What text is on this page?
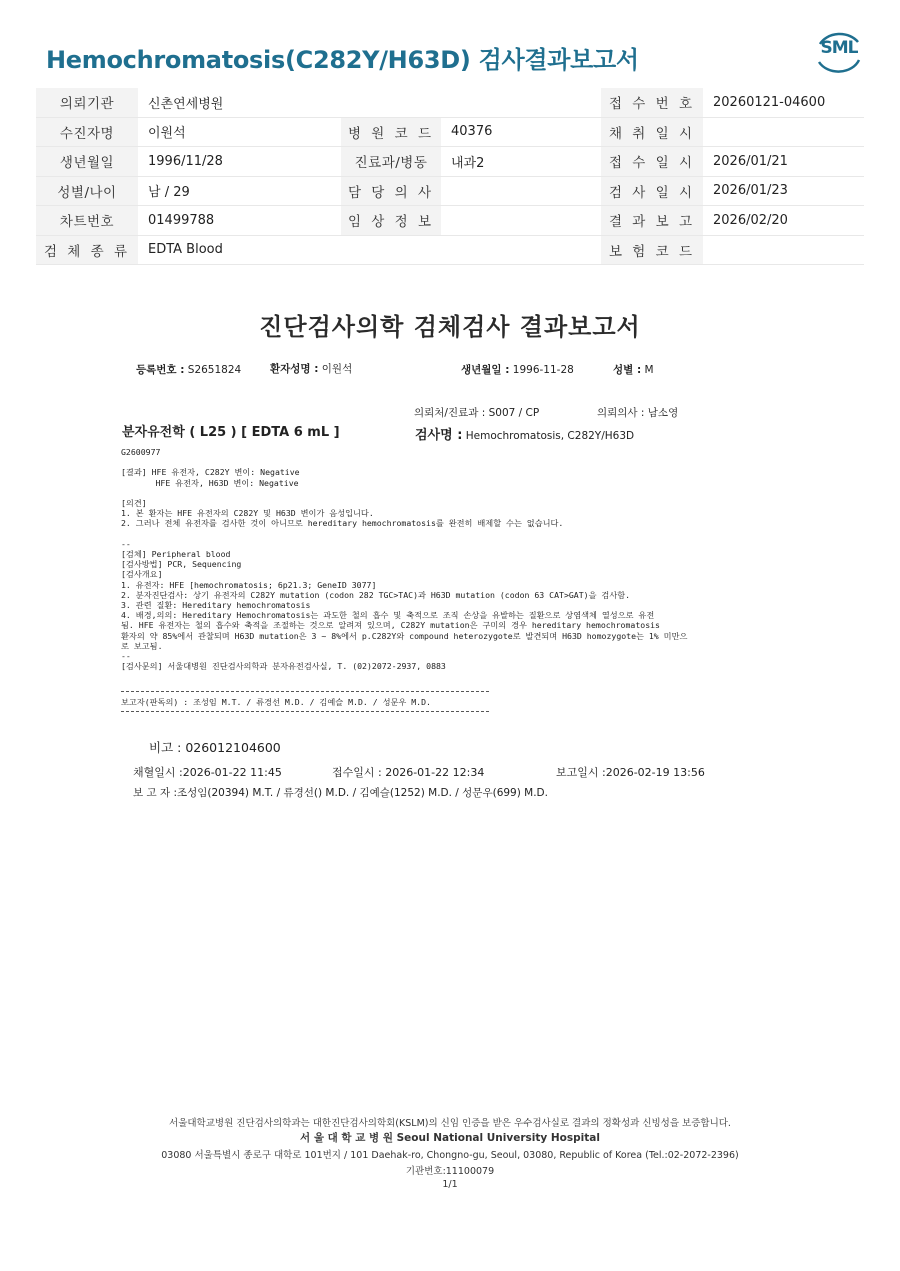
Hemochromatosis(C282Y/H63D) 검사결과보고서	SML
의뢰기관	신촌연세병원			접 수 번 호	20260121-04600
수진자명	이원석	병 원 코 드	40376	채 취 일 시	
생년월일	1996/11/28	진료과/병동	내과2	접 수 일 시	2026/01/21
성별/나이	남 / 29	담 당 의 사		검 사 일 시	2026/01/23
차트번호	01499788	임 상 정 보		결 과 보 고	2026/02/20
검 체 종 류	EDTA Blood			보 험 코 드	
진단검사의학 검체검사 결과보고서
등록번호 : S2651824	환자성명 : 이원석	생년월일 : 1996-11-28	성별 : M
의뢰처/진료과 : S007 / CP	의뢰의사 : 남소영
분자유전학 ( L25 ) [ EDTA 6 mL ]	검사명 : Hemochromatosis, C282Y/H63D
G2600977

[결과] HFE 유전자, C282Y 변이: Negative
HFE 유전자, H63D 변이: Negative

[의견]
1. 본 환자는 HFE 유전자의 C282Y 및 H63D 변이가 음성입니다.
2. 그러나 전체 유전자를 검사한 것이 아니므로 hereditary hemochromatosis를 완전히 배제할 수는 없습니다.

--
[검체] Peripheral blood
[검사방법] PCR, Sequencing
[검사개요]
1. 유전자: HFE [hemochromatosis; 6p21.3; GeneID 3077]
2. 분자진단검사: 상기 유전자의 C282Y mutation (codon 282 TGC>TAC)과 H63D mutation (codon 63 CAT>GAT)을 검사함.
3. 관련 질환: Hereditary hemochromatosis
4. 배경,의의: Hereditary Hemochromatosis는 과도한 철의 흡수 및 축적으로 조직 손상을 유발하는 질환으로 상염색체 열성으로 유전
됨. HFE 유전자는 철의 흡수와 축적을 조절하는 것으로 알려져 있으며, C282Y mutation은 구미의 경우 hereditary hemochromatosis
환자의 약 85%에서 관찰되며 H63D mutation은 3 ~ 8%에서 p.C282Y와 compound heterozygote로 발견되며 H63D homozygote는 1% 미만으
로 보고됨.
--
[검사문의] 서울대병원 진단검사의학과 분자유전검사실, T. (02)2072-2937, 0883
보고자(판독의) : 조성임 M.T. / 류경선 M.D. / 김예슬 M.D. / 성문우 M.D.
비고 : 026012104600
채혈일시 :2026-01-22 11:45	접수일시 : 2026-01-22 12:34	보고일시 :2026-02-19 13:56
보 고 자 :조성임(20394) M.T. / 류경선() M.D. / 김예슬(1252) M.D. / 성문우(699) M.D.
서울대학교병원 진단검사의학과는 대한진단검사의학회(KSLM)의 신임 인증을 받은 우수검사실로 결과의 정확성과 신빙성을 보증합니다.
서 울 대 학 교 병 원 Seoul National University Hospital
03080 서울특별시 종로구 대학로 101번지 / 101 Daehak-ro, Chongno-gu, Seoul, 03080, Republic of Korea (Tel.:02-2072-2396)
기관번호:11100079
1/1
